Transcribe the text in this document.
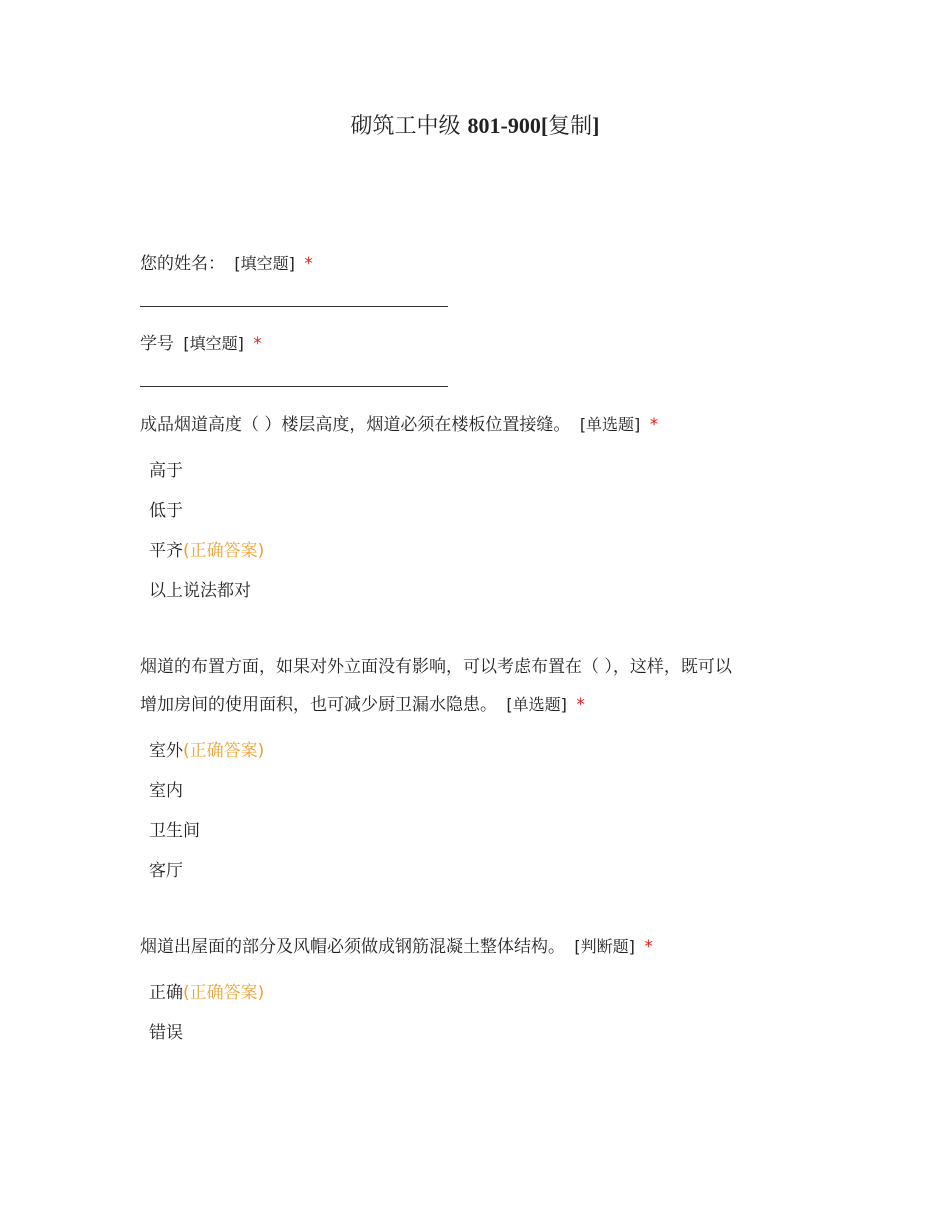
砌筑工中级 801-900[复制]
您的姓名： [填空题] *
学号 [填空题] *
成品烟道高度（ ）楼层高度，烟道必须在楼板位置接缝。 [单选题] *
高于
低于
平齐(正确答案)
以上说法都对
烟道的布置方面，如果对外立面没有影响，可以考虑布置在（ ），这样，既可以
增加房间的使用面积，也可减少厨卫漏水隐患。 [单选题] *
室外(正确答案)
室内
卫生间
客厅
烟道出屋面的部分及风帽必须做成钢筋混凝土整体结构。 [判断题] *
正确(正确答案)
错误
